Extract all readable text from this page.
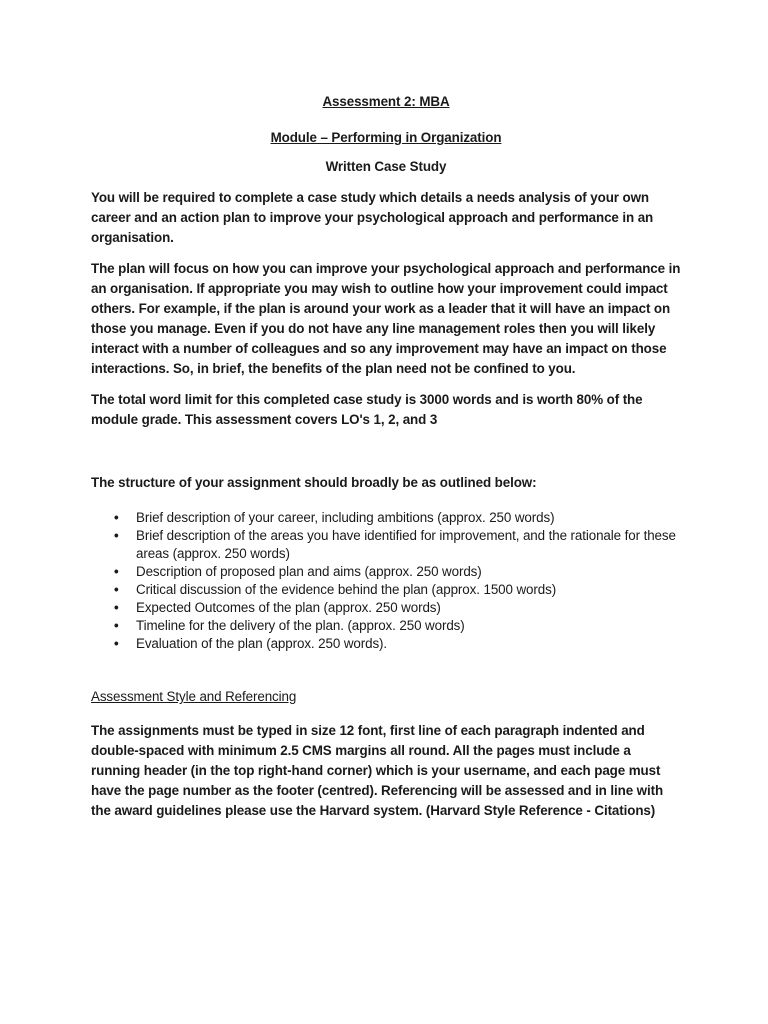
Assessment 2: MBA

Module – Performing in Organization

Written Case Study

You will be required to complete a case study which details a needs analysis of your own career and an action plan to improve your psychological approach and performance in an organisation.

The plan will focus on how you can improve your psychological approach and performance in an organisation. If appropriate you may wish to outline how your improvement could impact others. For example, if the plan is around your work as a leader that it will have an impact on those you manage. Even if you do not have any line management roles then you will likely interact with a number of colleagues and so any improvement may have an impact on those interactions. So, in brief, the benefits of the plan need not be confined to you.

The total word limit for this completed case study is 3000 words and is worth 80% of the module grade. This assessment covers LO's 1, 2, and 3

The structure of your assignment should broadly be as outlined below:

• Brief description of your career, including ambitions (approx. 250 words)
• Brief description of the areas you have identified for improvement, and the rationale for these areas (approx. 250 words)
• Description of proposed plan and aims (approx. 250 words)
• Critical discussion of the evidence behind the plan (approx. 1500 words)
• Expected Outcomes of the plan (approx. 250 words)
• Timeline for the delivery of the plan. (approx. 250 words)
• Evaluation of the plan (approx. 250 words).

Assessment Style and Referencing

The assignments must be typed in size 12 font, first line of each paragraph indented and double-spaced with minimum 2.5 CMS margins all round. All the pages must include a running header (in the top right-hand corner) which is your username, and each page must have the page number as the footer (centred). Referencing will be assessed and in line with the award guidelines please use the Harvard system. (Harvard Style Reference - Citations)
